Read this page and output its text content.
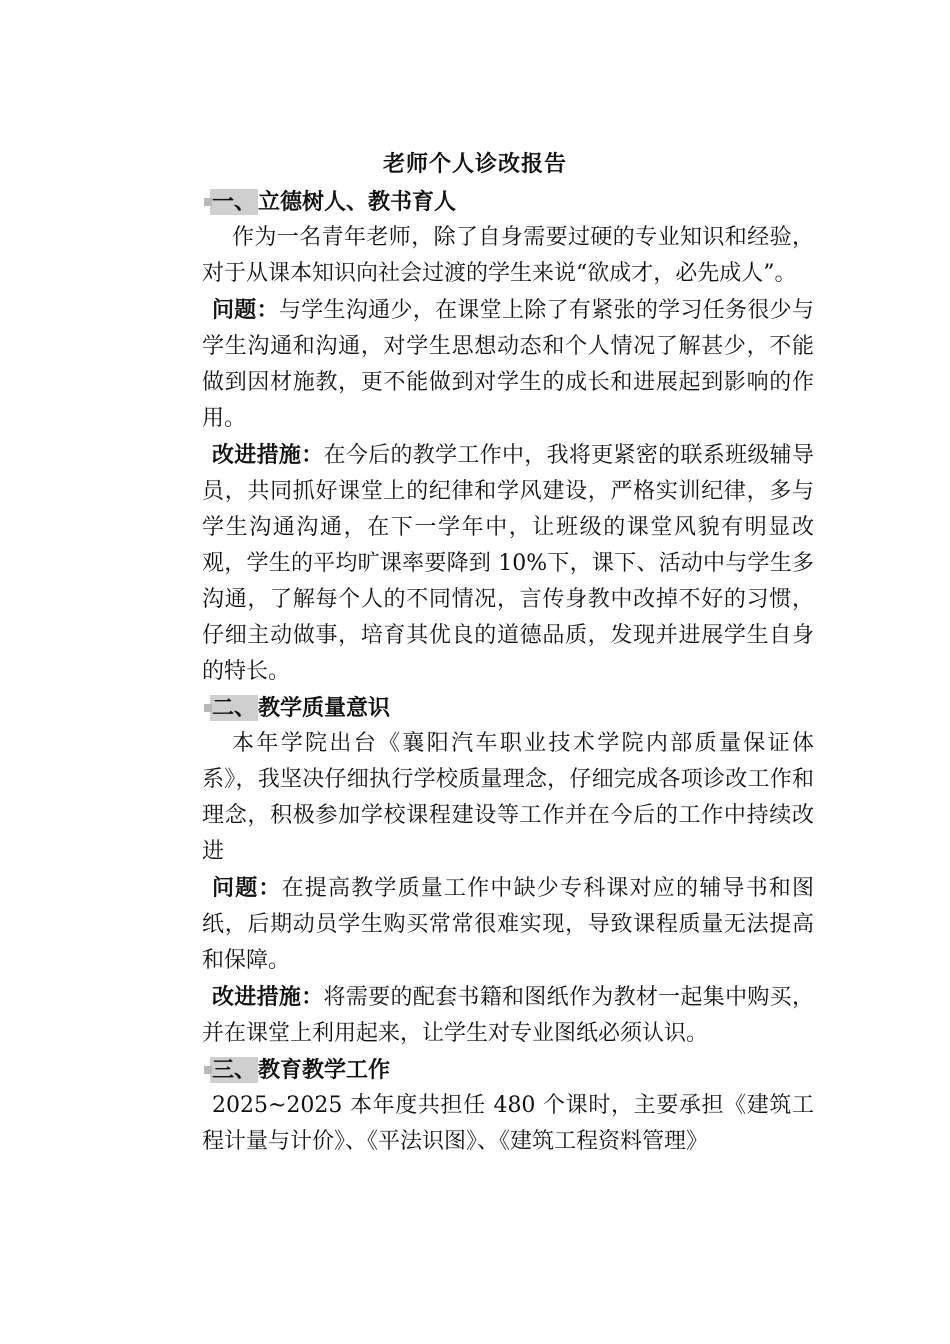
老师个人诊改报告
一、立德树人、教书育人

作为一名青年老师，除了自身需要过硬的专业知识和经验，对于从课本知识向社会过渡的学生来说“欲成才，必先成人”。

问题：与学生沟通少，在课堂上除了有紧张的学习任务很少与学生沟通和沟通，对学生思想动态和个人情况了解甚少，不能做到因材施教，更不能做到对学生的成长和进展起到影响的作用。

改进措施：在今后的教学工作中，我将更紧密的联系班级辅导员，共同抓好课堂上的纪律和学风建设，严格实训纪律，多与学生沟通沟通，在下一学年中，让班级的课堂风貌有明显改观，学生的平均旷课率要降到 10%下，课下、活动中与学生多沟通，了解每个人的不同情况，言传身教中改掉不好的习惯，仔细主动做事，培育其优良的道德品质，发现并进展学生自身的特长。

二、教学质量意识

本年学院出台《襄阳汽车职业技术学院内部质量保证体系》，我坚决仔细执行学校质量理念，仔细完成各项诊改工作和理念，积极参加学校课程建设等工作并在今后的工作中持续改进

问题：在提高教学质量工作中缺少专科课对应的辅导书和图纸，后期动员学生购买常常很难实现，导致课程质量无法提高和保障。

改进措施：将需要的配套书籍和图纸作为教材一起集中购买，并在课堂上利用起来，让学生对专业图纸必须认识。

三、教育教学工作

2025~2025 本年度共担任 480 个课时，主要承担《建筑工程计量与计价》、《平法识图》、《建筑工程资料管理》
